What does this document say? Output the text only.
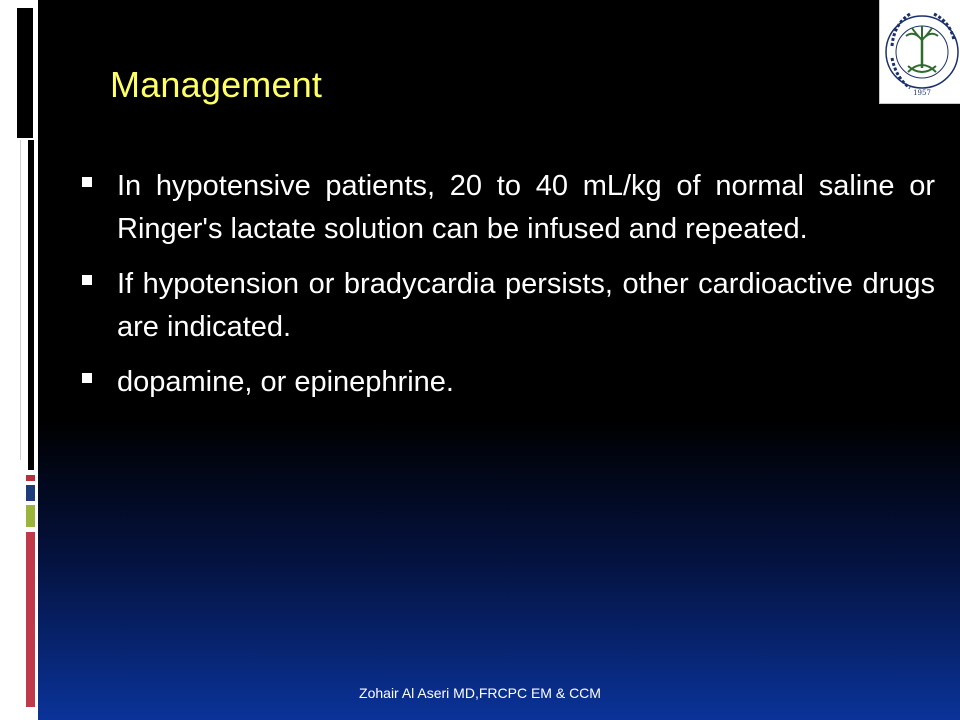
Management	1957
In hypotensive patients, 20 to 40 mL/kg of normal saline or Ringer's lactate solution can be infused and repeated.
If hypotension or bradycardia persists, other cardioactive drugs are indicated.
dopamine, or epinephrine.
Zohair Al Aseri MD,FRCPC EM & CCM
